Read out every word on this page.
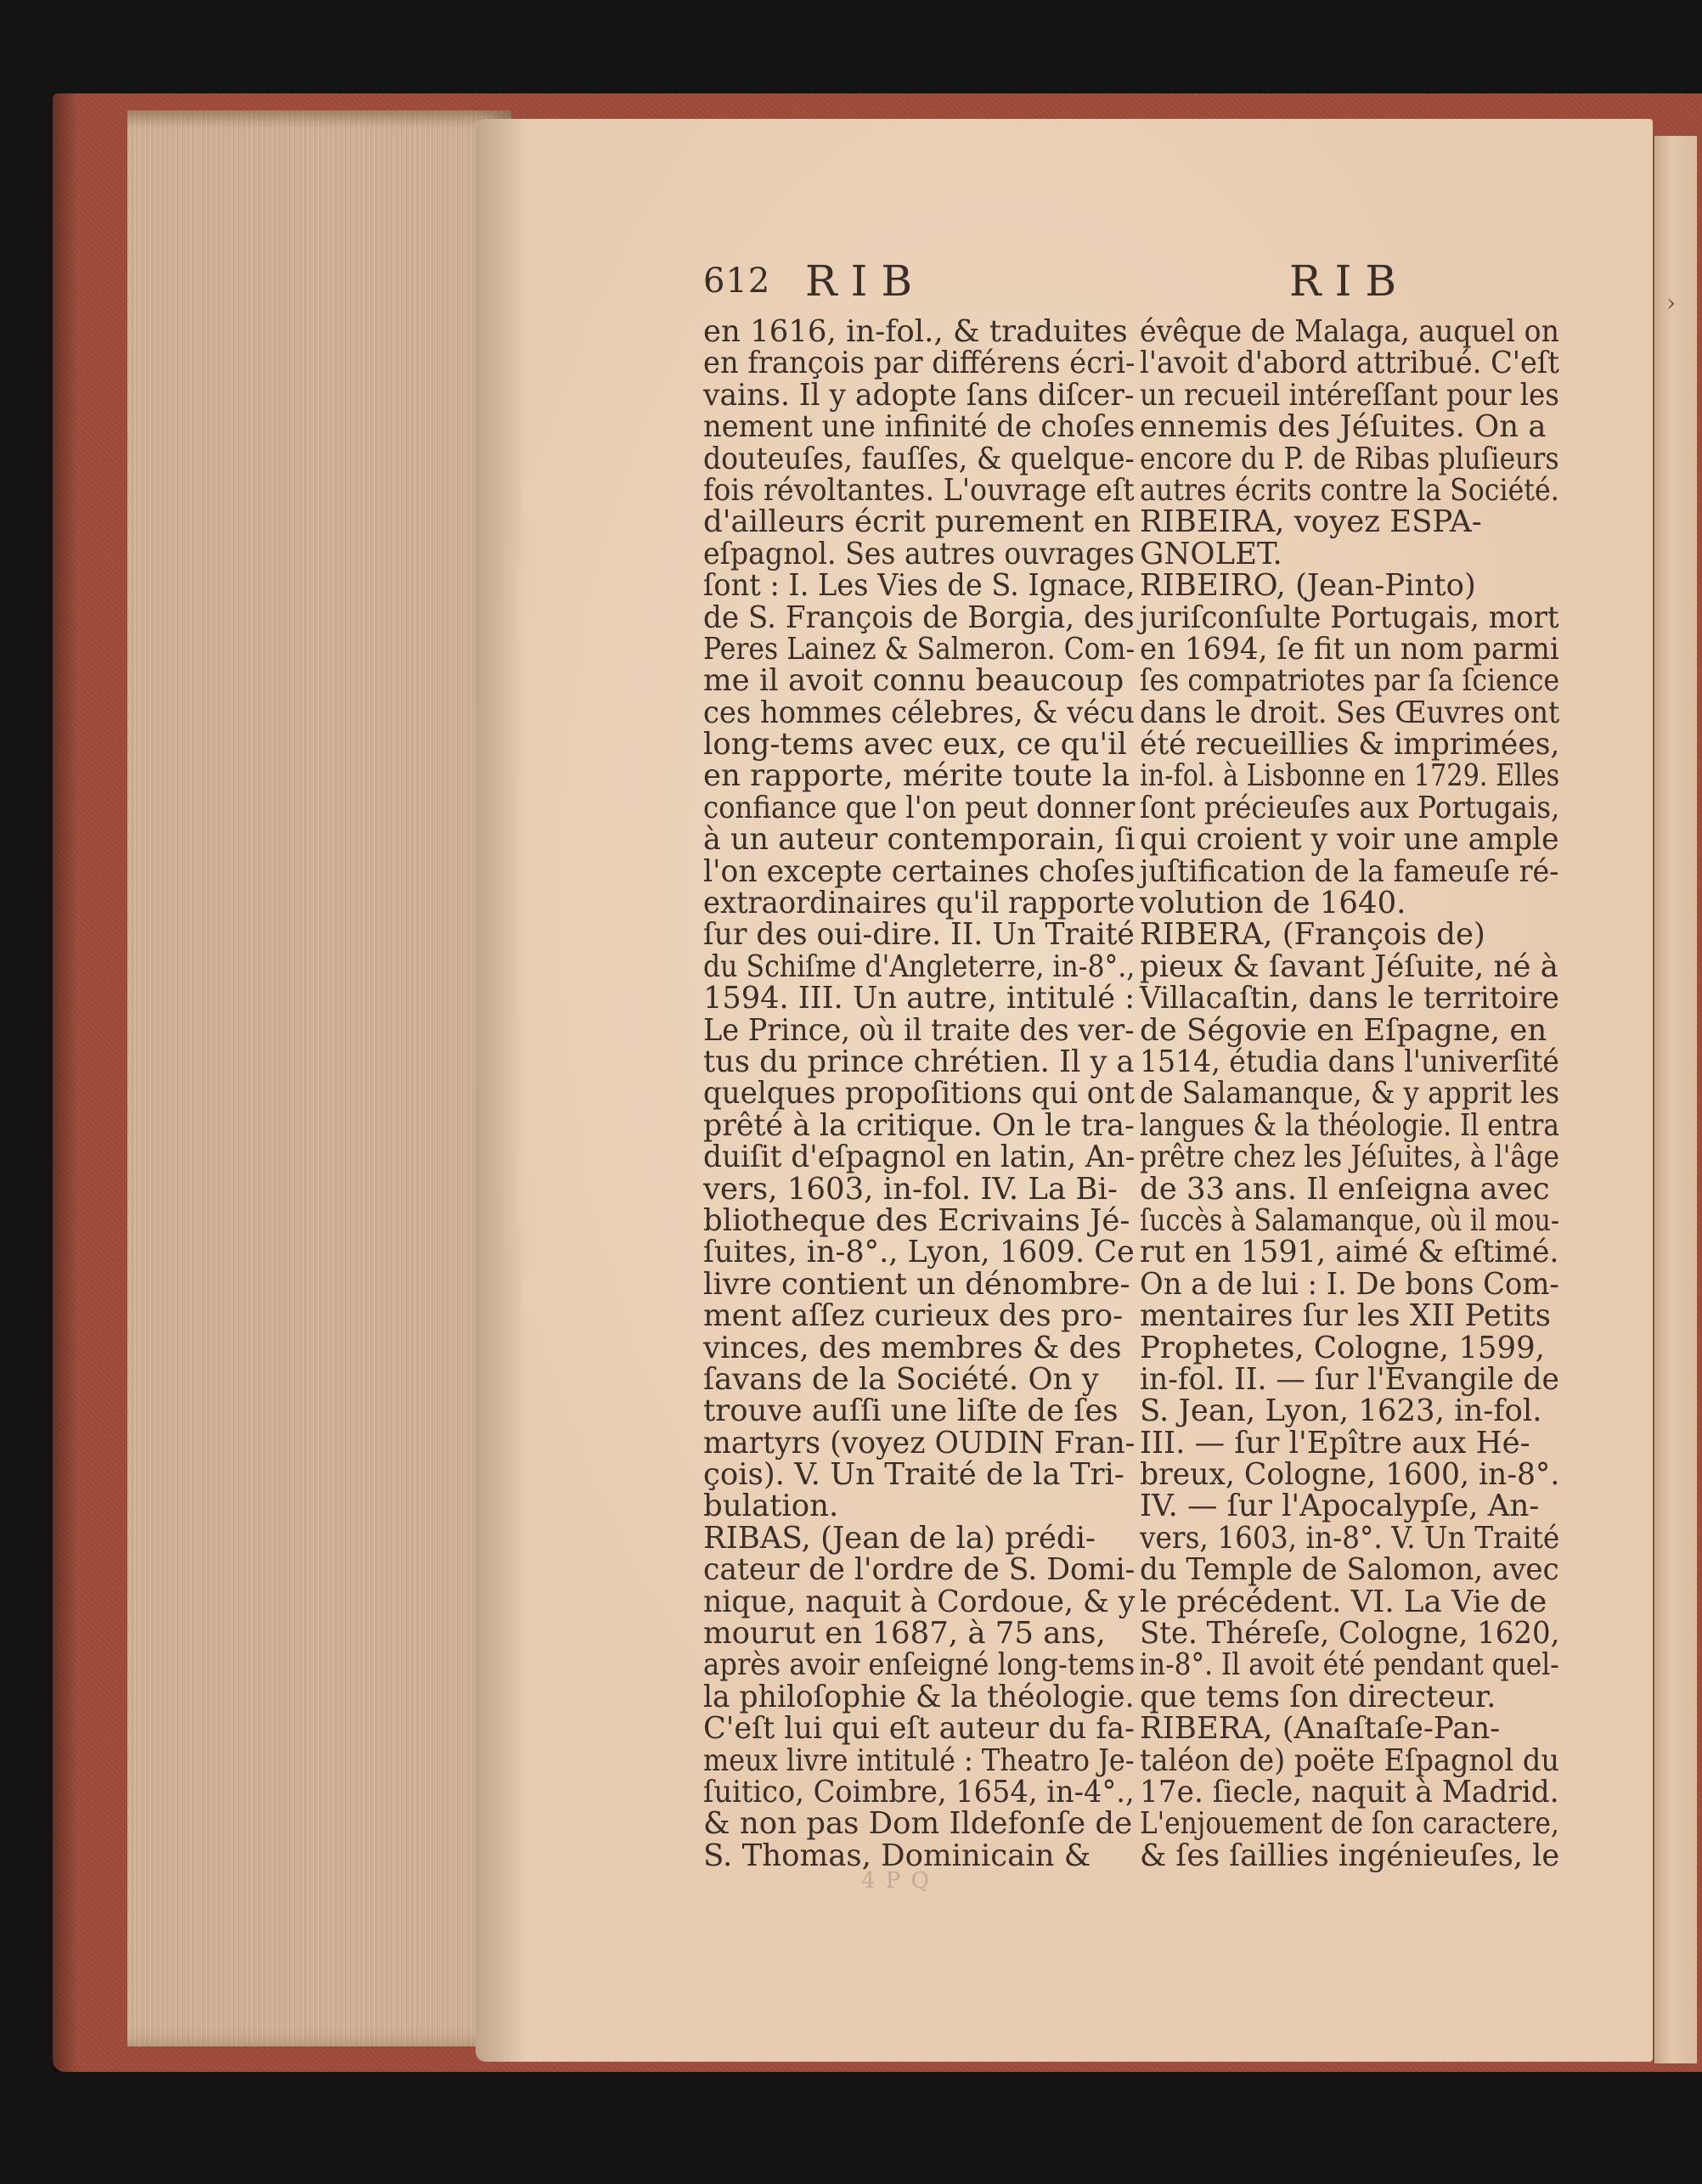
›
612 RIB	RIB
en 1616, in-fol., & traduites
en françois par différens écri-
vains. Il y adopte ſans diſcer-
nement une infinité de choſes
douteuſes, fauſſes, & quelque-
fois révoltantes. L'ouvrage eſt
d'ailleurs écrit purement en
eſpagnol. Ses autres ouvrages
ſont : I. Les Vies de S. Ignace,
de S. François de Borgia, des
Peres Lainez & Salmeron. Com-
me il avoit connu beaucoup
ces hommes célebres, & vécu
long-tems avec eux, ce qu'il
en rapporte, mérite toute la
confiance que l'on peut donner
à un auteur contemporain, ſi
l'on excepte certaines choſes
extraordinaires qu'il rapporte
ſur des oui-dire. II. Un Traité
du Schiſme d'Angleterre, in-8°.,
1594. III. Un autre, intitulé :
Le Prince, où il traite des ver-
tus du prince chrétien. Il y a
quelques propoſitions qui ont
prêté à la critique. On le tra-
duiſit d'eſpagnol en latin, An-
vers, 1603, in-fol. IV. La Bi-
bliotheque des Ecrivains Jé-
ſuites, in-8°., Lyon, 1609. Ce
livre contient un dénombre-
ment aſſez curieux des pro-
vinces, des membres & des
ſavans de la Société. On y
trouve auſſi une liſte de ſes
martyrs (voyez OUDIN Fran-
çois). V. Un Traité de la Tri-
bulation.
RIBAS, (Jean de la) prédi-
cateur de l'ordre de S. Domi-
nique, naquit à Cordoue, & y
mourut en 1687, à 75 ans,
après avoir enſeigné long-tems
la philoſophie & la théologie.
C'eſt lui qui eſt auteur du fa-
meux livre intitulé : Theatro Je-
ſuitico, Coimbre, 1654, in-4°.,
& non pas Dom Ildefonſe de
S. Thomas, Dominicain &
évêque de Malaga, auquel on
l'avoit d'abord attribué. C'eſt
un recueil intéreſſant pour les
ennemis des Jéſuites. On a
encore du P. de Ribas pluſieurs
autres écrits contre la Société.
RIBEIRA, voyez ESPA-
GNOLET.
RIBEIRO, (Jean-Pinto)
juriſconſulte Portugais, mort
en 1694, ſe fit un nom parmi
ſes compatriotes par ſa ſcience
dans le droit. Ses Œuvres ont
été recueillies & imprimées,
in-fol. à Lisbonne en 1729. Elles
ſont précieuſes aux Portugais,
qui croient y voir une ample
juſtification de la fameuſe ré-
volution de 1640.
RIBERA, (François de)
pieux & ſavant Jéſuite, né à
Villacaſtin, dans le territoire
de Ségovie en Eſpagne, en
1514, étudia dans l'univerſité
de Salamanque, & y apprit les
langues & la théologie. Il entra
prêtre chez les Jéſuites, à l'âge
de 33 ans. Il enſeigna avec
ſuccès à Salamanque, où il mou-
rut en 1591, aimé & eſtimé.
On a de lui : I. De bons Com-
mentaires ſur les XII Petits
Prophetes, Cologne, 1599,
in-fol. II. — ſur l'Evangile de
S. Jean, Lyon, 1623, in-fol.
III. — ſur l'Epître aux Hé-
breux, Cologne, 1600, in-8°.
IV. — ſur l'Apocalypſe, An-
vers, 1603, in-8°. V. Un Traité
du Temple de Salomon, avec
le précédent. VI. La Vie de
Ste. Théreſe, Cologne, 1620,
in-8°. Il avoit été pendant quel-
que tems ſon directeur.
RIBERA, (Anaſtaſe-Pan-
taléon de) poëte Eſpagnol du
17e. ſiecle, naquit à Madrid.
L'enjouement de ſon caractere,
& ſes ſaillies ingénieuſes, le
4 P Q
